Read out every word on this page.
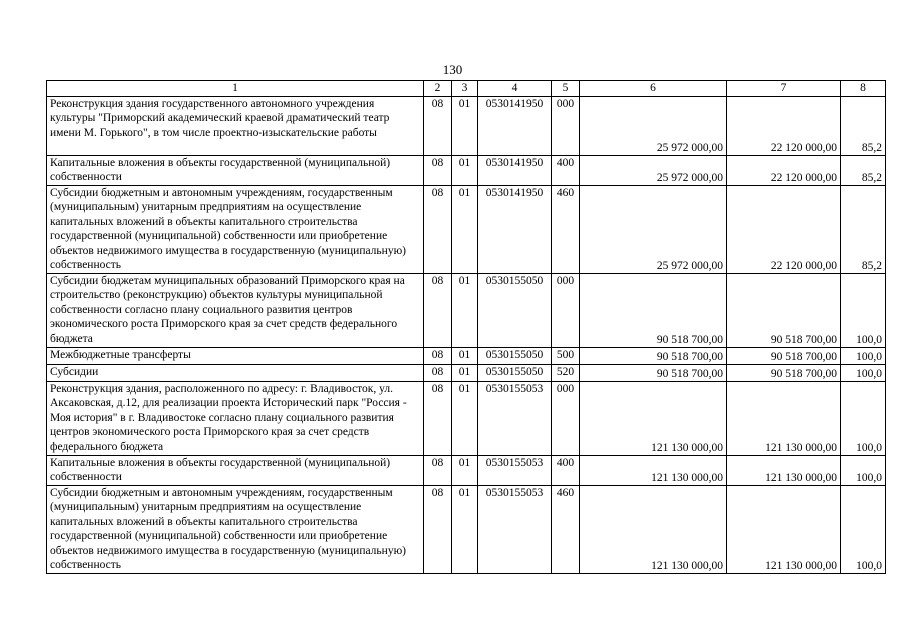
130
1	2	3	4	5	6	7	8
Реконструкция здания государственного автономного учреждения культуры "Приморский академический краевой драматический театр имени М. Горького", в том числе проектно-изыскательские работы	08	01	0530141950	000	25 972 000,00	22 120 000,00	85,2
Капитальные вложения в объекты государственной (муниципальной) собственности	08	01	0530141950	400	25 972 000,00	22 120 000,00	85,2
Субсидии бюджетным и автономным учреждениям, государственным (муниципальным) унитарным предприятиям на осуществление капитальных вложений в объекты капитального строительства государственной (муниципальной) собственности или приобретение объектов недвижимого имущества в государственную (муниципальную) собственность	08	01	0530141950	460	25 972 000,00	22 120 000,00	85,2
Субсидии бюджетам муниципальных образований Приморского края на строительство (реконструкцию) объектов культуры муниципальной собственности согласно плану социального развития центров экономического роста Приморского края за счет средств федерального бюджета	08	01	0530155050	000	90 518 700,00	90 518 700,00	100,0
Межбюджетные трансферты	08	01	0530155050	500	90 518 700,00	90 518 700,00	100,0
Субсидии	08	01	0530155050	520	90 518 700,00	90 518 700,00	100,0
Реконструкция здания, расположенного по адресу: г. Владивосток, ул. Аксаковская, д.12, для реализации проекта Исторический парк "Россия - Моя история" в г. Владивостоке согласно плану социального развития центров экономического роста Приморского края за счет средств федерального бюджета	08	01	0530155053	000	121 130 000,00	121 130 000,00	100,0
Капитальные вложения в объекты государственной (муниципальной) собственности	08	01	0530155053	400	121 130 000,00	121 130 000,00	100,0
Субсидии бюджетным и автономным учреждениям, государственным (муниципальным) унитарным предприятиям на осуществление капитальных вложений в объекты капитального строительства государственной (муниципальной) собственности или приобретение объектов недвижимого имущества в государственную (муниципальную) собственность	08	01	0530155053	460	121 130 000,00	121 130 000,00	100,0
